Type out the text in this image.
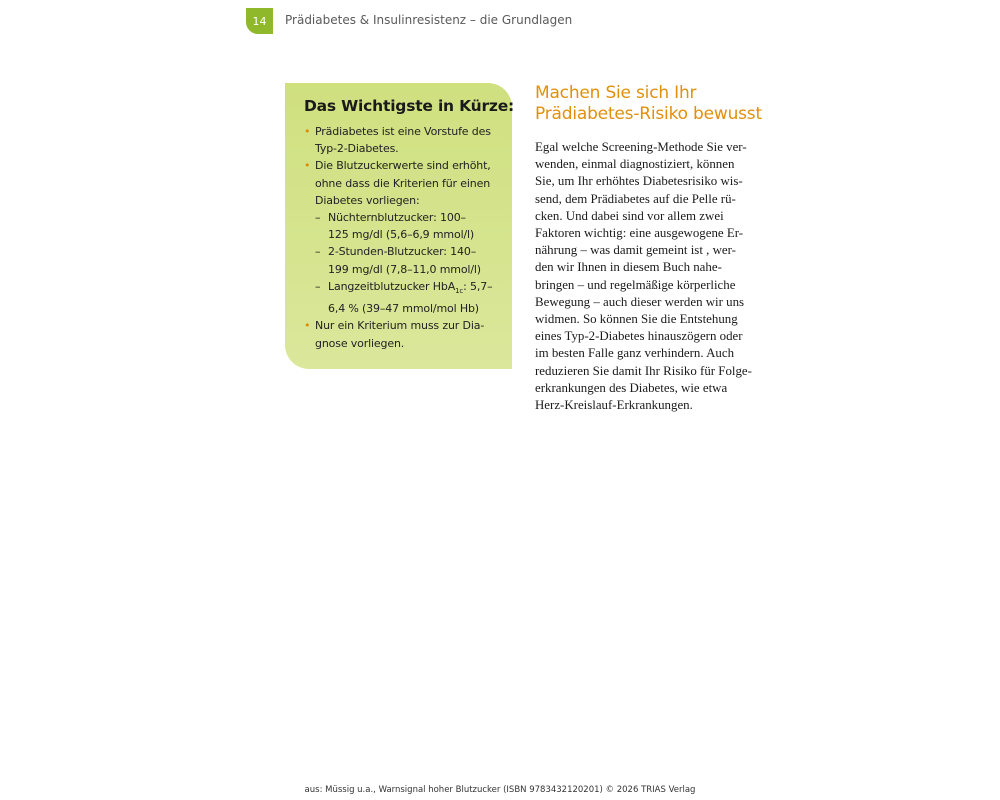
14	Prädiabetes & Insulinresistenz – die Grundlagen
Das Wichtigste in Kürze:
• Prädiabetes ist eine Vorstufe des
Typ-2-Diabetes.
• Die Blutzuckerwerte sind erhöht,
ohne dass die Kriterien für einen
Diabetes vorliegen:
– Nüchternblutzucker: 100–
125 mg/dl (5,6–6,9 mmol/l)
– 2-Stunden-Blutzucker: 140–
199 mg/dl (7,8–11,0 mmol/l)
– Langzeitblutzucker HbA$_{1c}$: 5,7–
6,4 % (39–47 mmol/mol Hb)
• Nur ein Kriterium muss zur Dia-
gnose vorliegen.
Machen Sie sich Ihr
Prädiabetes-Risiko bewusst

Egal welche Screening-Methode Sie ver-
wenden, einmal diagnostiziert, können
Sie, um Ihr erhöhtes Diabetesrisiko wis-
send, dem Prädiabetes auf die Pelle rü-
cken. Und dabei sind vor allem zwei
Faktoren wichtig: eine ausgewogene Er-
nährung – was damit gemeint ist , wer-
den wir Ihnen in diesem Buch nahe-
bringen – und regelmäßige körperliche
Bewegung – auch dieser werden wir uns
widmen. So können Sie die Entstehung
eines Typ-2-Diabetes hinauszögern oder
im besten Falle ganz verhindern. Auch
reduzieren Sie damit Ihr Risiko für Folge-
erkrankungen des Diabetes, wie etwa
Herz-Kreislauf-Erkrankungen.

aus: Müssig u.a., Warnsignal hoher Blutzucker (ISBN 9783432120201) © 2026 TRIAS Verlag
